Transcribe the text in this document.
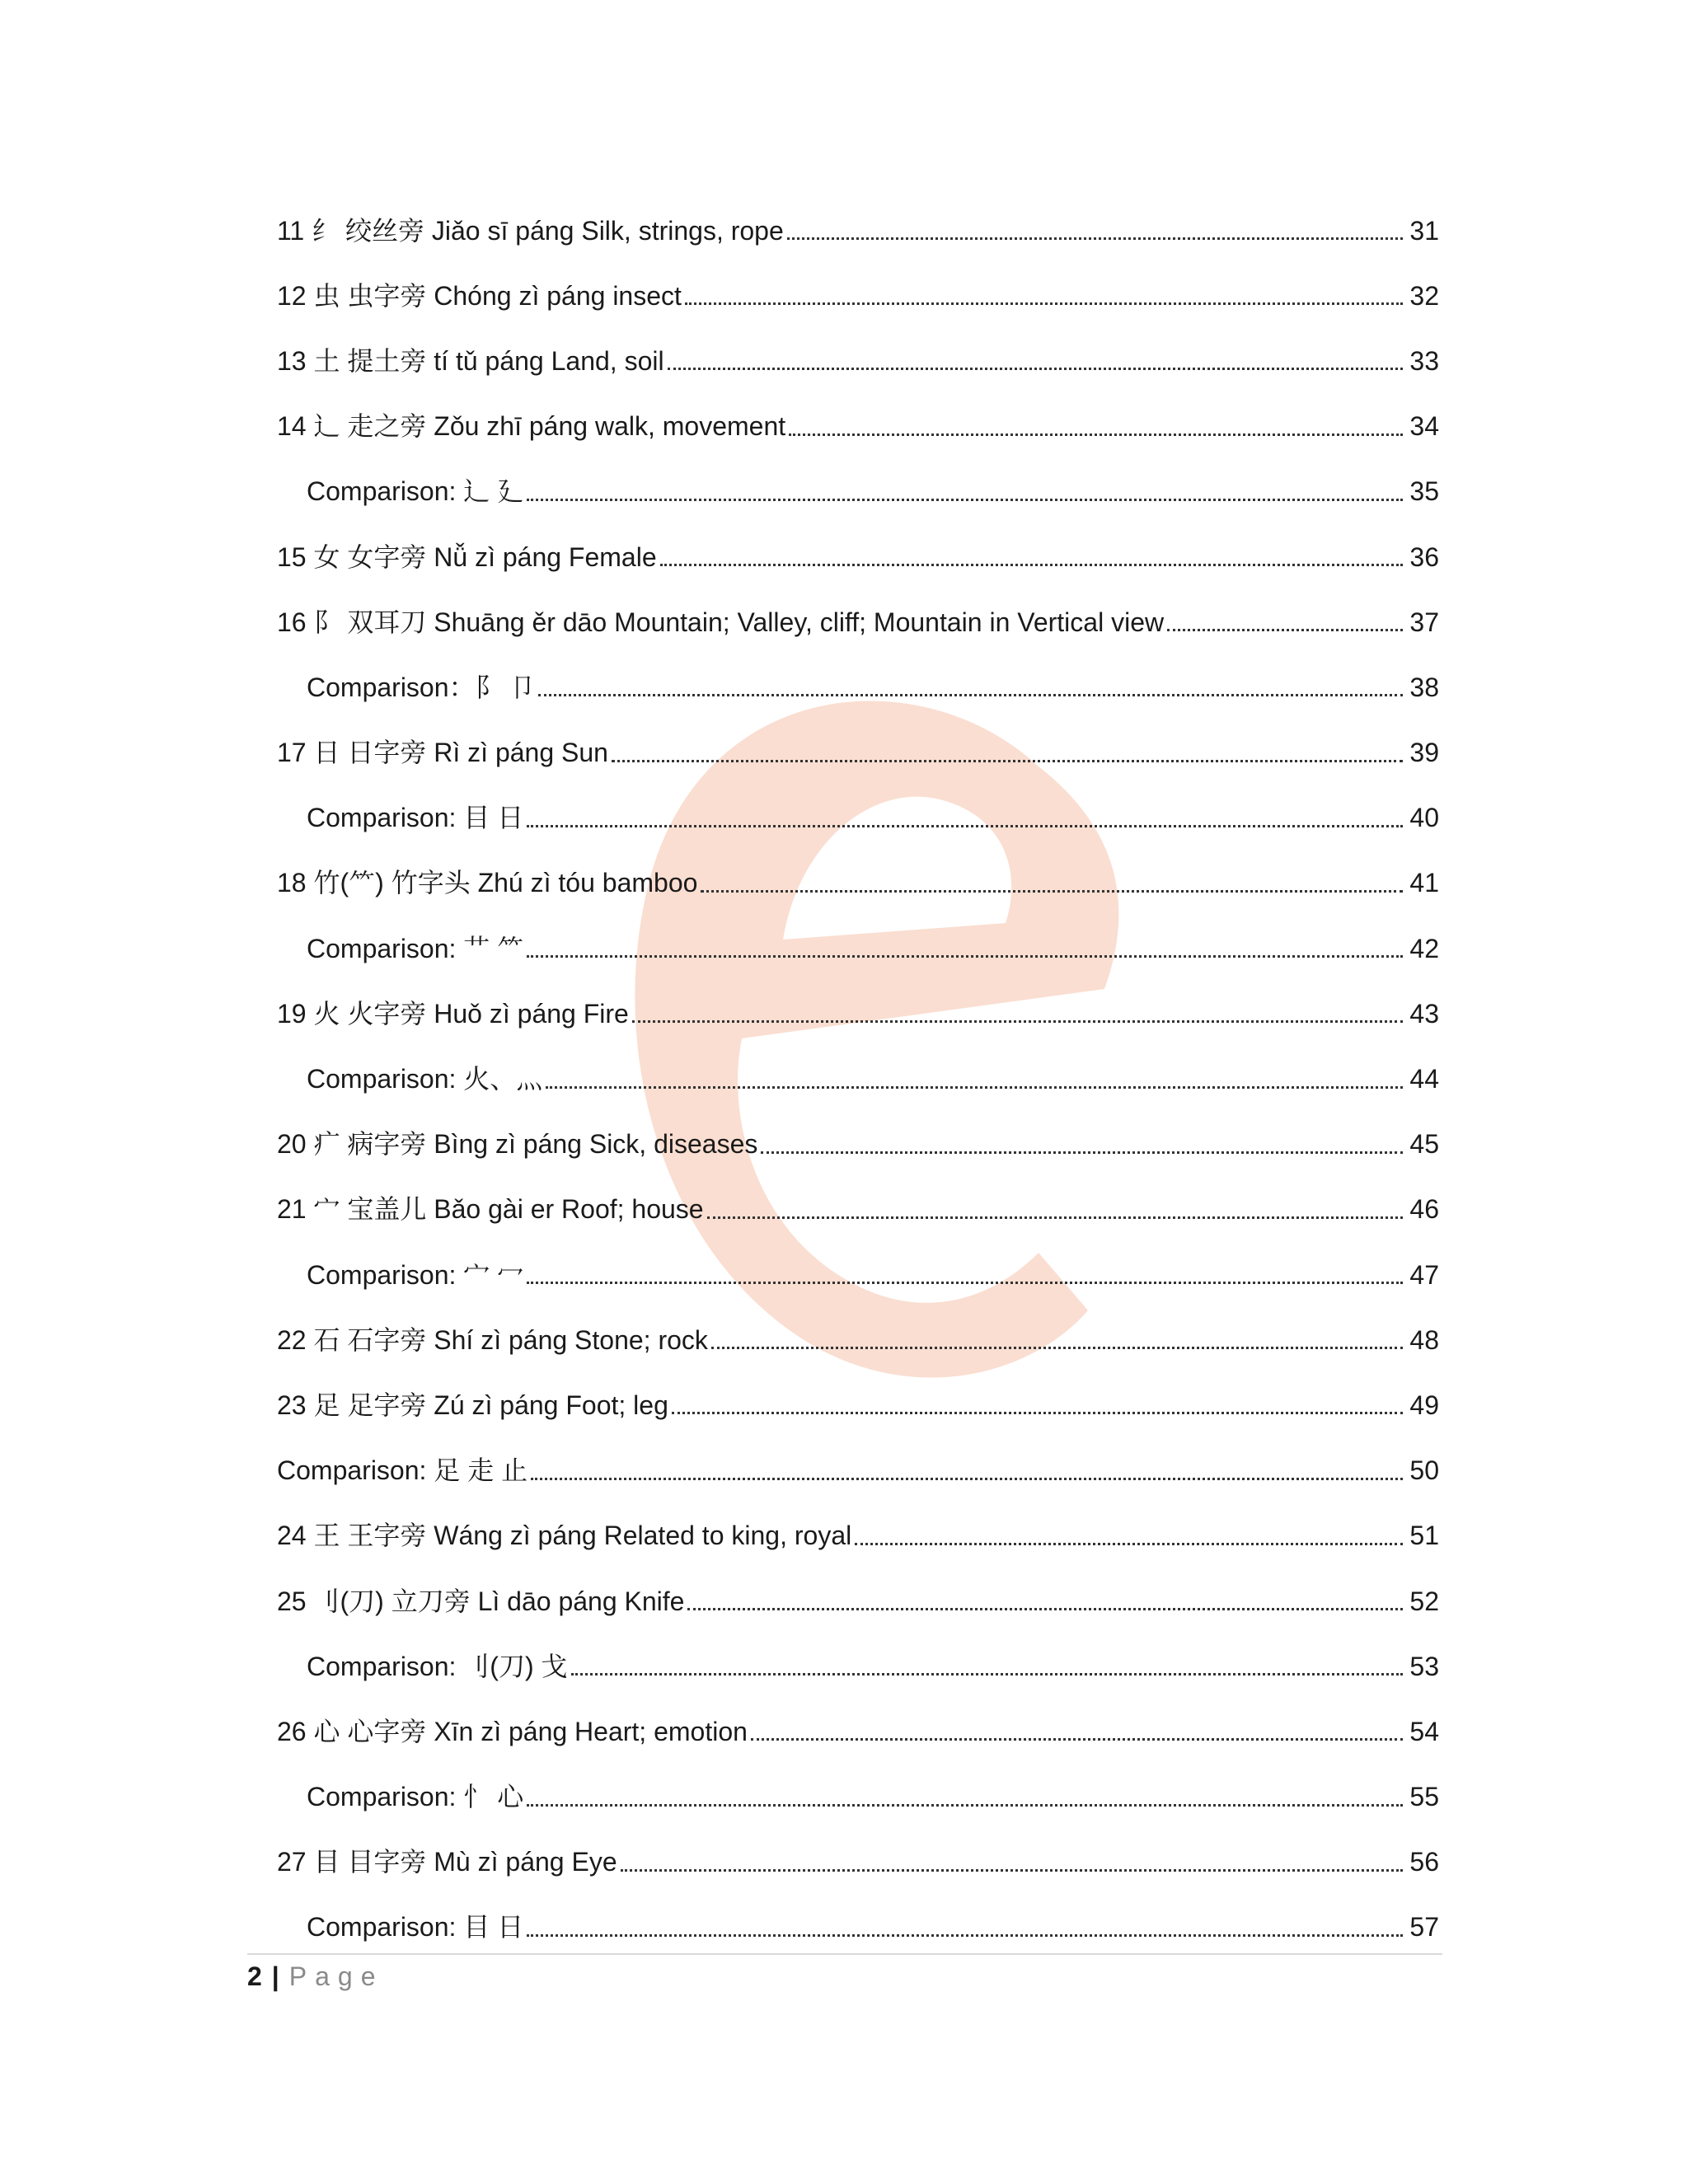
11 纟 绞丝旁 Jiǎo sī páng Silk, strings, rope	31
12 虫 虫字旁 Chóng zì páng insect	32
13 土 提土旁 tí tǔ páng Land, soil	33
14 辶 走之旁 Zǒu zhī páng walk, movement	34
Comparison: 辶 廴	35
15 女 女字旁 Nǚ zì páng Female	36
16 阝 双耳刀 Shuāng ěr dāo Mountain; Valley, cliff; Mountain in Vertical view	37
Comparison：阝 卩	38
17 日 日字旁 Rì zì páng Sun	39
Comparison: 目 日	40
18 竹(⺮) 竹字头 Zhú zì tóu bamboo	41
Comparison: 艹 ⺮	42
19 火 火字旁 Huǒ zì páng Fire	43
Comparison: 火、灬	44
20 疒 病字旁 Bìng zì páng Sick, diseases	45
21 宀 宝盖儿 Bǎo gài er Roof; house	46
Comparison: 宀 冖	47
22 石 石字旁 Shí zì páng Stone; rock	48
23 足 足字旁 Zú zì páng Foot; leg	49
Comparison: 足 走 止	50
24 王 王字旁 Wáng zì páng Related to king, royal	51
25 刂(刀) 立刀旁 Lì dāo páng Knife	52
Comparison: 刂(刀) 戈	53
26 心 心字旁 Xīn zì páng Heart; emotion	54
Comparison: 忄 心	55
27 目 目字旁 Mù zì páng Eye	56
Comparison: 目 日	57
2 | Page
